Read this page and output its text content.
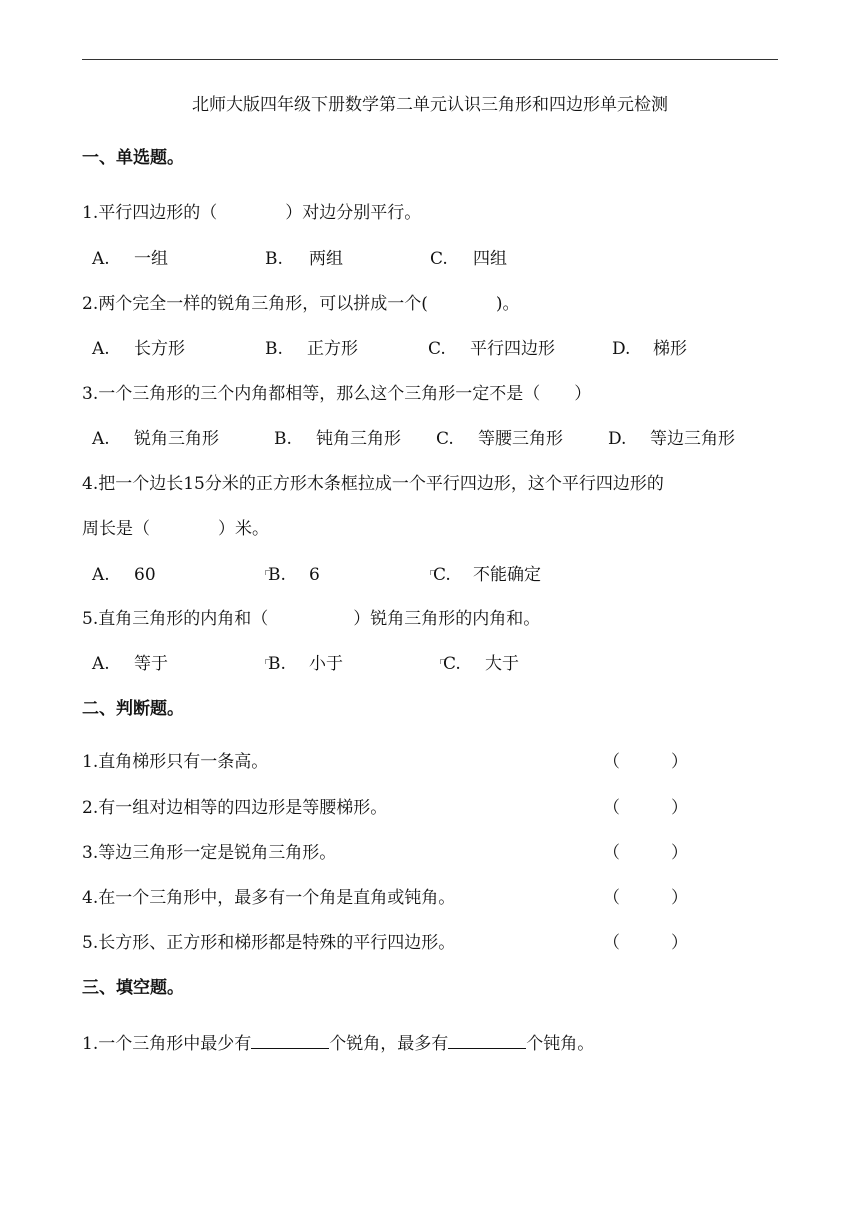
北师大版四年级下册数学第二单元认识三角形和四边形单元检测
一、单选题。
1.平行四边形的（　　　　）对边分别平行。
A. 一组	B. 两组	C. 四组
2.两个完全一样的锐角三角形，可以拼成一个(　　　　)。
A. 长方形	B. 正方形	C. 平行四边形	D. 梯形
3.一个三角形的三个内角都相等，那么这个三角形一定不是（　　）
A. 锐角三角形	B. 钝角三角形 C. 等腰三角形	D. 等边三角形
4.把一个边长15分米的正方形木条框拉成一个平行四边形，这个平行四边形的
周长是（　　　　）米。
A. 60	B. 6	C. 不能确定
5.直角三角形的内角和（　　　　　）锐角三角形的内角和。
A. 等于	B. 小于	C. 大于
二、判断题。
1.直角梯形只有一条高。	（　　　）
2.有一组对边相等的四边形是等腰梯形。	（　　　）
3.等边三角形一定是锐角三角形。	（　　　）
4.在一个三角形中，最多有一个角是直角或钝角。	（　　　）
5.长方形、正方形和梯形都是特殊的平行四边形。	（　　　）
三、填空题。
1.一个三角形中最少有	个锐角，最多有	个钝角。
